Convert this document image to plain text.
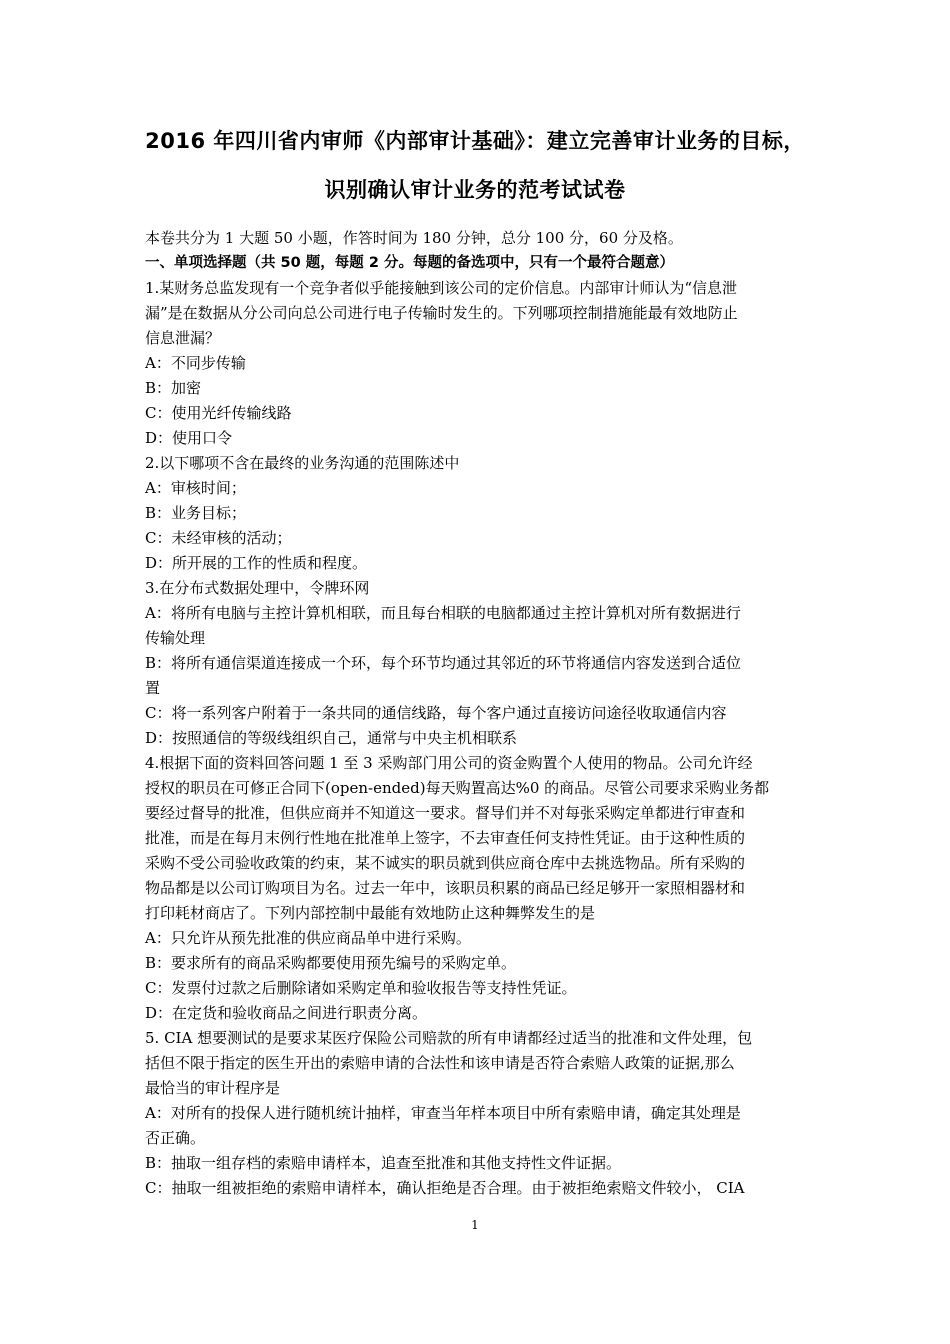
2016 年四川省内审师《内部审计基础》：建立完善审计业务的目标，
识别确认审计业务的范考试试卷
本卷共分为 1 大题 50 小题，作答时间为 180 分钟，总分 100 分，60 分及格。
一、单项选择题（共 50 题，每题 2 分。每题的备选项中，只有一个最符合题意）
1.某财务总监发现有一个竞争者似乎能接触到该公司的定价信息。内部审计师认为“信息泄
漏”是在数据从分公司向总公司进行电子传输时发生的。下列哪项控制措施能最有效地防止
信息泄漏？
A：不同步传输
B：加密
C：使用光纤传输线路
D：使用口令
2.以下哪项不含在最终的业务沟通的范围陈述中
A：审核时间；
B：业务目标；
C：未经审核的活动；
D：所开展的工作的性质和程度。
3.在分布式数据处理中，令牌环网
A：将所有电脑与主控计算机相联，而且每台相联的电脑都通过主控计算机对所有数据进行
传输处理
B：将所有通信渠道连接成一个环，每个环节均通过其邻近的环节将通信内容发送到合适位
置
C：将一系列客户附着于一条共同的通信线路，每个客户通过直接访问途径收取通信内容
D：按照通信的等级线组织自己，通常与中央主机相联系
4.根据下面的资料回答问题 1 至 3 采购部门用公司的资金购置个人使用的物品。公司允许经
授权的职员在可修正合同下(open-ended)每天购置高达%0 的商品。尽管公司要求采购业务都
要经过督导的批准，但供应商并不知道这一要求。督导们并不对每张采购定单都进行审查和
批准，而是在每月末例行性地在批准单上签字，不去审查任何支持性凭证。由于这种性质的
采购不受公司验收政策的约束，某不诚实的职员就到供应商仓库中去挑选物品。所有采购的
物品都是以公司订购项目为名。过去一年中，该职员积累的商品已经足够开一家照相器材和
打印耗材商店了。下列内部控制中最能有效地防止这种舞弊发生的是
A：只允许从预先批准的供应商品单中进行采购。
B：要求所有的商品采购都要使用预先编号的采购定单。
C：发票付过款之后删除诸如采购定单和验收报告等支持性凭证。
D：在定货和验收商品之间进行职责分离。
5. CIA 想要测试的是要求某医疗保险公司赔款的所有申请都经过适当的批准和文件处理，包
括但不限于指定的医生开出的索赔申请的合法性和该申请是否符合索赔人政策的证据,那么
最恰当的审计程序是
A：对所有的投保人进行随机统计抽样，审查当年样本项目中所有索赔申请，确定其处理是
否正确。
B：抽取一组存档的索赔申请样本，追查至批准和其他支持性文件证据。
C：抽取一组被拒绝的索赔申请样本，确认拒绝是否合理。由于被拒绝索赔文件较小， CIA
1
